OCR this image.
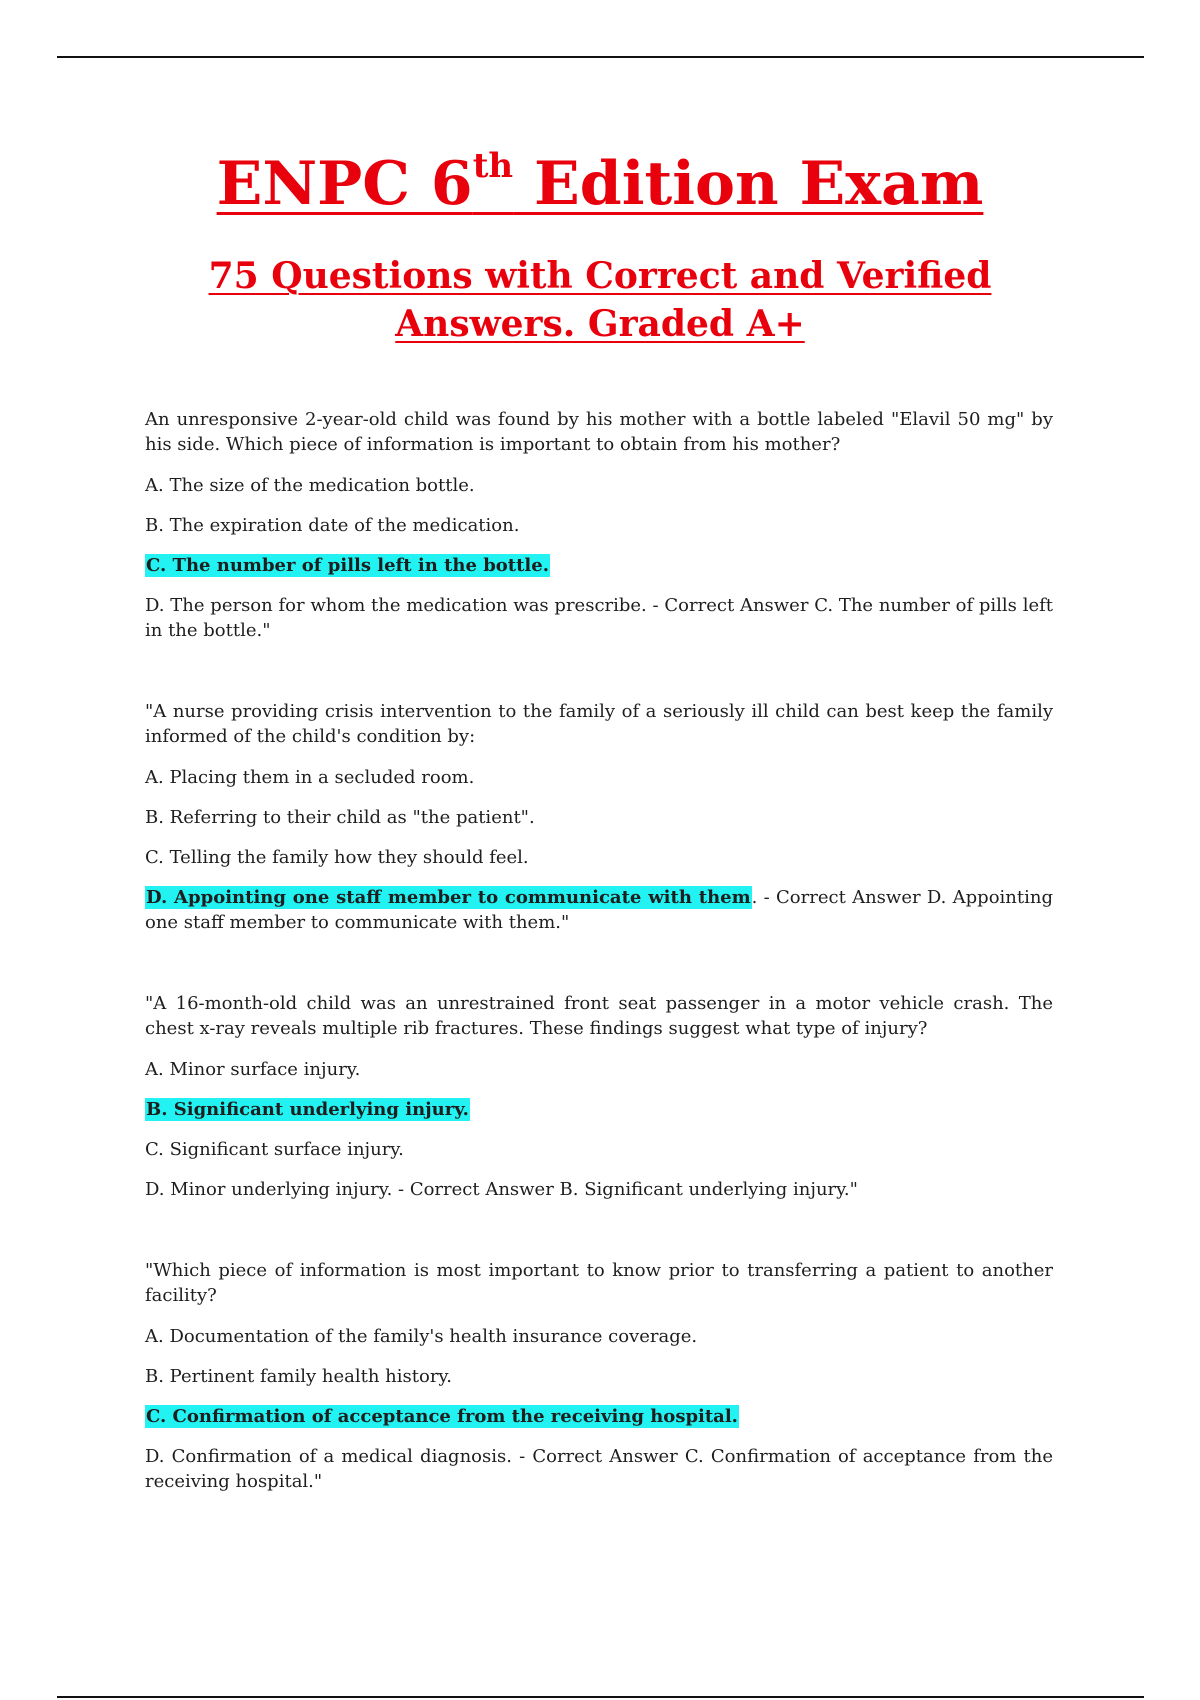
ENPC 6th Edition Exam
75 Questions with Correct and Verified
Answers. Graded A+

An unresponsive 2-year-old child was found by his mother with a bottle labeled "Elavil 50 mg" by his side. Which piece of information is important to obtain from his mother?

A. The size of the medication bottle.

B. The expiration date of the medication.

C. The number of pills left in the bottle.

D. The person for whom the medication was prescribe. - Correct Answer C. The number of pills left in the bottle."

"A nurse providing crisis intervention to the family of a seriously ill child can best keep the family informed of the child's condition by:

A. Placing them in a secluded room.

B. Referring to their child as "the patient".

C. Telling the family how they should feel.

D. Appointing one staff member to communicate with them. - Correct Answer D. Appointing one staff member to communicate with them."

"A 16-month-old child was an unrestrained front seat passenger in a motor vehicle crash. The chest x-ray reveals multiple rib fractures. These findings suggest what type of injury?

A. Minor surface injury.

B. Significant underlying injury.

C. Significant surface injury.

D. Minor underlying injury. - Correct Answer B. Significant underlying injury."

"Which piece of information is most important to know prior to transferring a patient to another facility?

A. Documentation of the family's health insurance coverage.

B. Pertinent family health history.

C. Confirmation of acceptance from the receiving hospital.

D. Confirmation of a medical diagnosis. - Correct Answer C. Confirmation of acceptance from the receiving hospital."
